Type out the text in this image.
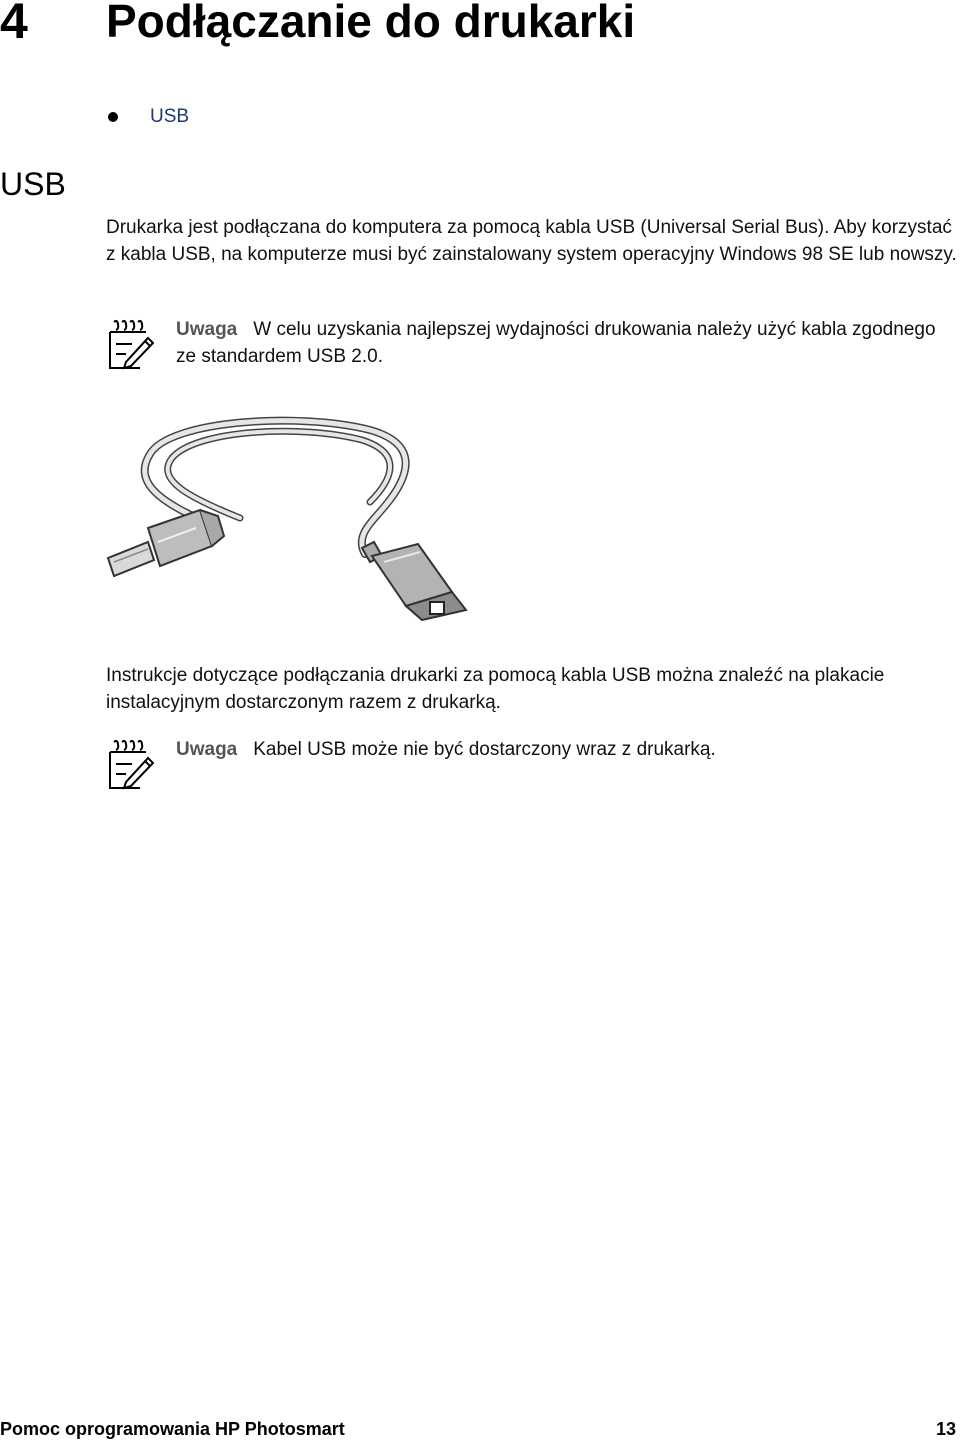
4 Podłączanie do drukarki
USB
USB

Drukarka jest podłączana do komputera za pomocą kabla USB (Universal Serial Bus). Aby korzystać z kabla USB, na komputerze musi być zainstalowany system operacyjny Windows 98 SE lub nowszy.

Uwaga W celu uzyskania najlepszej wydajności drukowania należy użyć kabla zgodnego ze standardem USB 2.0.

Instrukcje dotyczące podłączania drukarki za pomocą kabla USB można znaleźć na plakacie instalacyjnym dostarczonym razem z drukarką.

Uwaga Kabel USB może nie być dostarczony wraz z drukarką.

Pomoc oprogramowania HP Photosmart	13
